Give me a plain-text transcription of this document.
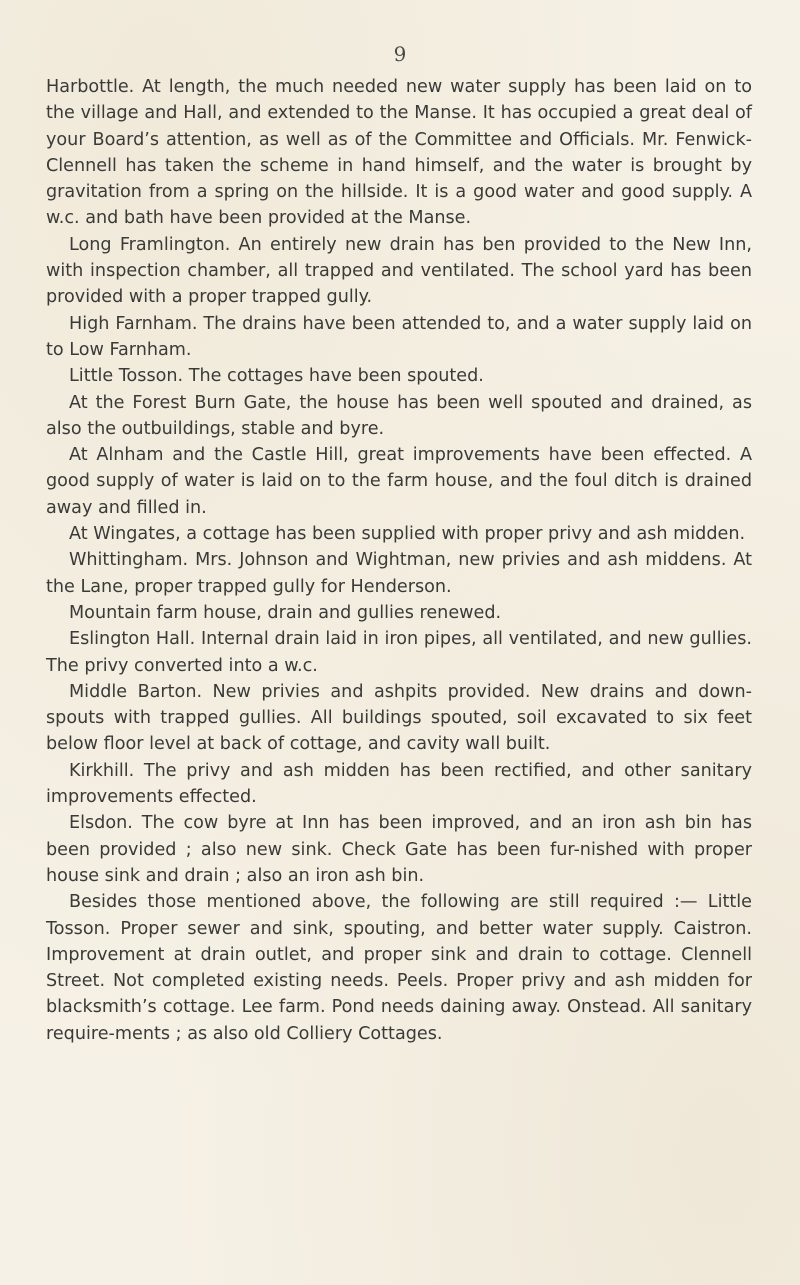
9

Harbottle. At length, the much needed new water supply has been laid on to the village and Hall, and extended to the Manse. It has occupied a great deal of your Board’s attention, as well as of the Committee and Officials. Mr. Fenwick-Clennell has taken the scheme in hand himself, and the water is brought by gravitation from a spring on the hillside. It is a good water and good supply. A w.c. and bath have been provided at the Manse.

Long Framlington. An entirely new drain has ben provided to the New Inn, with inspection chamber, all trapped and ventilated. The school yard has been provided with a proper trapped gully.

High Farnham. The drains have been attended to, and a water supply laid on to Low Farnham.

Little Tosson. The cottages have been spouted.

At the Forest Burn Gate, the house has been well spouted and drained, as also the outbuildings, stable and byre.

At Alnham and the Castle Hill, great improvements have been effected. A good supply of water is laid on to the farm house, and the foul ditch is drained away and filled in.

At Wingates, a cottage has been supplied with proper privy and ash midden.

Whittingham. Mrs. Johnson and Wightman, new privies and ash middens. At the Lane, proper trapped gully for Henderson.

Mountain farm house, drain and gullies renewed.

Eslington Hall. Internal drain laid in iron pipes, all ventilated, and new gullies. The privy converted into a w.c.

Middle Barton. New privies and ashpits provided. New drains and down-spouts with trapped gullies. All buildings spouted, soil excavated to six feet below floor level at back of cottage, and cavity wall built.

Kirkhill. The privy and ash midden has been rectified, and other sanitary improvements effected.

Elsdon. The cow byre at Inn has been improved, and an iron ash bin has been provided ; also new sink. Check Gate has been fur-nished with proper house sink and drain ; also an iron ash bin.

Besides those mentioned above, the following are still required :— Little Tosson. Proper sewer and sink, spouting, and better water supply. Caistron. Improvement at drain outlet, and proper sink and drain to cottage. Clennell Street. Not completed existing needs. Peels. Proper privy and ash midden for blacksmith’s cottage. Lee farm. Pond needs daining away. Onstead. All sanitary require-ments ; as also old Colliery Cottages.
